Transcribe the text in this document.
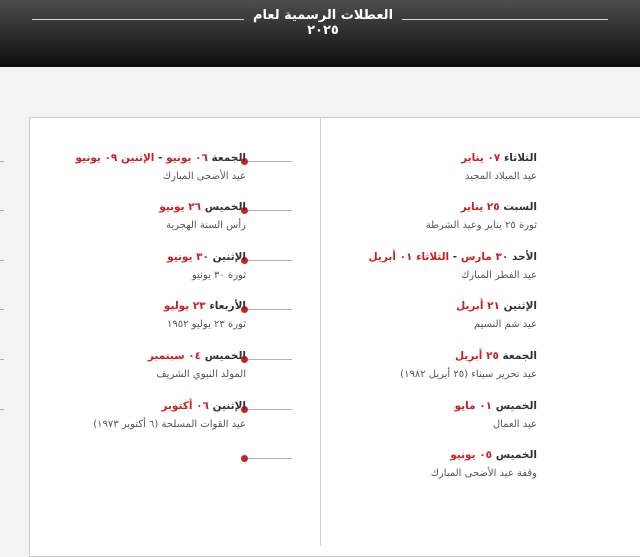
العطلات الرسمية لعام ٢٠٢٥
الثلاثاء ٠٧ يناير
عيد الميلاد المجيد
السبت ٢٥ يناير
ثورة ٢٥ يناير وعيد الشرطة
الأحد ٣٠ مارس - الثلاثاء ٠١ أبريل
عيد الفطر المبارك
الإثنين ٢١ أبريل
عيد شم النسيم
الجمعة ٢٥ أبريل
عيد تحرير سيناء (٢٥ أبريل ١٩٨٢)
الخميس ٠١ مايو
عيد العمال
الخميس ٠٥ يونيو
وقفة عيد الأضحى المبارك
الجمعة ٠٦ يونيو - الإثنين ٠٩ يونيو
عيد الأضحى المبارك
الخميس ٢٦ يونيو
رأس السنة الهجرية
الإثنين ٣٠ يونيو
ثورة ٣٠ يونيو
الأربعاء ٢٣ يوليو
ثورة ٢٣ يوليو ١٩٥٢
الخميس ٠٤ سبتمبر
المولد النبوي الشريف
الإثنين ٠٦ أكتوبر
عيد القوات المسلحة (٦ أكتوبر ١٩٧٣)
